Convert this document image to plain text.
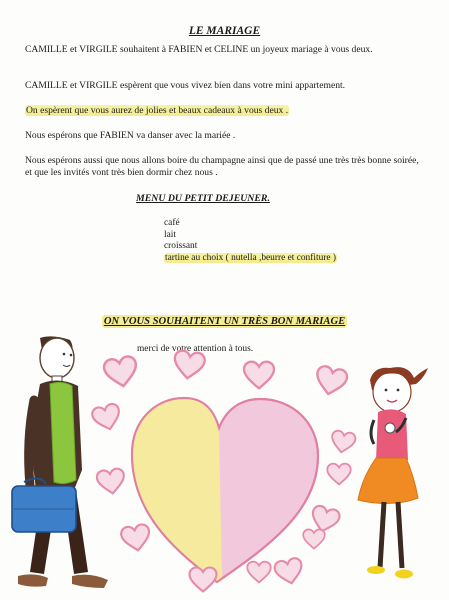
LE MARIAGE

CAMILLE et VIRGILE souhaitent à FABIEN et CELINE un joyeux mariage à vous deux.

CAMILLE et VIRGILE espèrent que vous vivez bien dans votre mini appartement.

On espèrent que vous aurez de jolies et beaux cadeaux à vous deux .

Nous espérons que FABIEN va danser avec la mariée .

Nous espérons aussi que nous allons boire du champagne ainsi que de passé une très très bonne soirée, et que les invités vont très bien dormir chez nous .

MENU DU PETIT DEJEUNER.
café
lait
croissant
tartine au choix ( nutella ,beurre et confiture )
ON VOUS SOUHAITENT UN TRÈS BON MARIAGE
merci de votre attention à tous.
